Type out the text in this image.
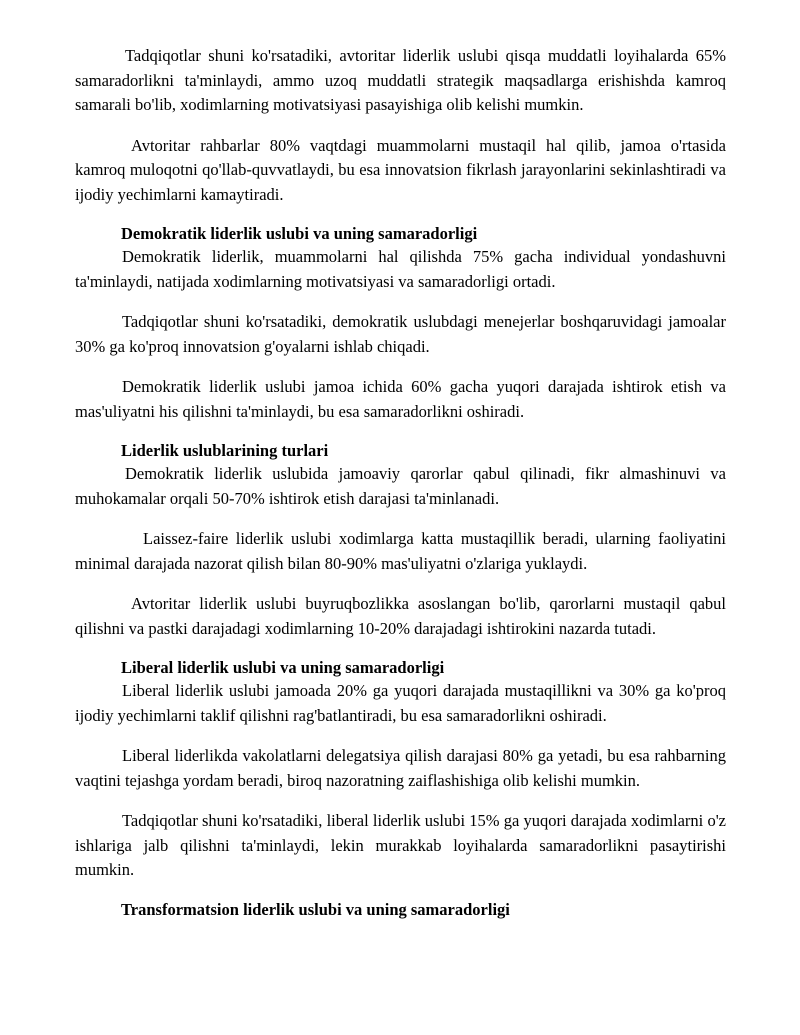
Tadqiqotlar shuni ko'rsatadiki, avtoritar liderlik uslubi qisqa muddatli loyihalarda 65% samaradorlikni ta'minlaydi, ammo uzoq muddatli strategik maqsadlarga erishishda kamroq samarali bo'lib, xodimlarning motivatsiyasi pasayishiga olib kelishi mumkin.

Avtoritar rahbarlar 80% vaqtdagi muammolarni mustaqil hal qilib, jamoa o'rtasida kamroq muloqotni qo'llab-quvvatlaydi, bu esa innovatsion fikrlash jarayonlarini sekinlashtiradi va ijodiy yechimlarni kamaytiradi.

Demokratik liderlik uslubi va uning samaradorligi

Demokratik liderlik, muammolarni hal qilishda 75% gacha individual yondashuvni ta'minlaydi, natijada xodimlarning motivatsiyasi va samaradorligi ortadi.

Tadqiqotlar shuni ko'rsatadiki, demokratik uslubdagi menejerlar boshqaruvidagi jamoalar 30% ga ko'proq innovatsion g'oyalarni ishlab chiqadi.

Demokratik liderlik uslubi jamoa ichida 60% gacha yuqori darajada ishtirok etish va mas'uliyatni his qilishni ta'minlaydi, bu esa samaradorlikni oshiradi.

Liderlik uslublarining turlari

Demokratik liderlik uslubida jamoaviy qarorlar qabul qilinadi, fikr almashinuvi va muhokamalar orqali 50-70% ishtirok etish darajasi ta'minlanadi.

Laissez-faire liderlik uslubi xodimlarga katta mustaqillik beradi, ularning faoliyatini minimal darajada nazorat qilish bilan 80-90% mas'uliyatni o'zlariga yuklaydi.

Avtoritar liderlik uslubi buyruqbozlikka asoslangan bo'lib, qarorlarni mustaqil qabul qilishni va pastki darajadagi xodimlarning 10-20% darajadagi ishtirokini nazarda tutadi.

Liberal liderlik uslubi va uning samaradorligi

Liberal liderlik uslubi jamoada 20% ga yuqori darajada mustaqillikni va 30% ga ko'proq ijodiy yechimlarni taklif qilishni rag'batlantiradi, bu esa samaradorlikni oshiradi.

Liberal liderlikda vakolatlarni delegatsiya qilish darajasi 80% ga yetadi, bu esa rahbarning vaqtini tejashga yordam beradi, biroq nazoratning zaiflashishiga olib kelishi mumkin.

Tadqiqotlar shuni ko'rsatadiki, liberal liderlik uslubi 15% ga yuqori darajada xodimlarni o'z ishlariga jalb qilishni ta'minlaydi, lekin murakkab loyihalarda samaradorlikni pasaytirishi mumkin.

Transformatsion liderlik uslubi va uning samaradorligi
